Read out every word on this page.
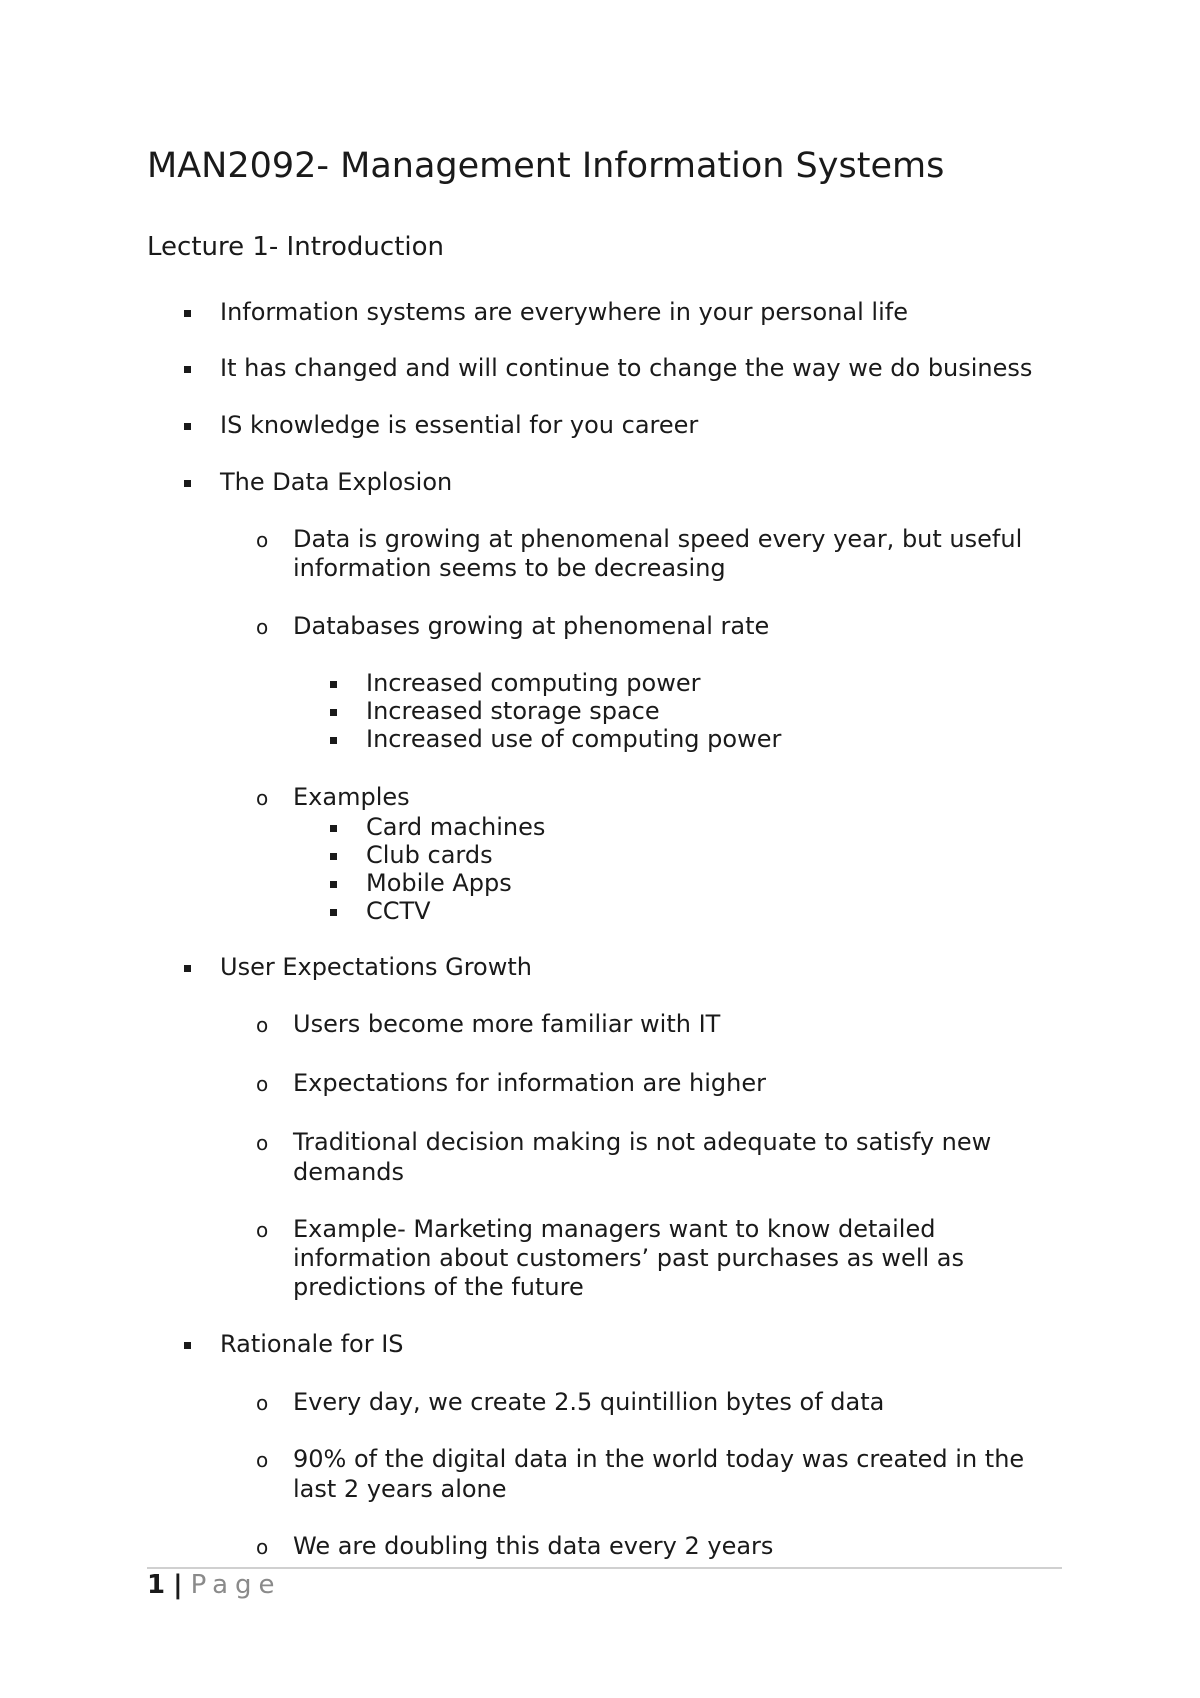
MAN2092- Management Information Systems
Lecture 1- Introduction
Information systems are everywhere in your personal life
It has changed and will continue to change the way we do business
IS knowledge is essential for you career
The Data Explosion
o Data is growing at phenomenal speed every year, but useful
information seems to be decreasing
o Databases growing at phenomenal rate
Increased computing power
Increased storage space
Increased use of computing power
o Examples
Card machines
Club cards
Mobile Apps
CCTV
User Expectations Growth
o Users become more familiar with IT
o Expectations for information are higher
o Traditional decision making is not adequate to satisfy new
demands
o Example- Marketing managers want to know detailed
information about customers’ past purchases as well as
predictions of the future
Rationale for IS
o Every day, we create 2.5 quintillion bytes of data
o 90% of the digital data in the world today was created in the
last 2 years alone
o We are doubling this data every 2 years
1 | Page
